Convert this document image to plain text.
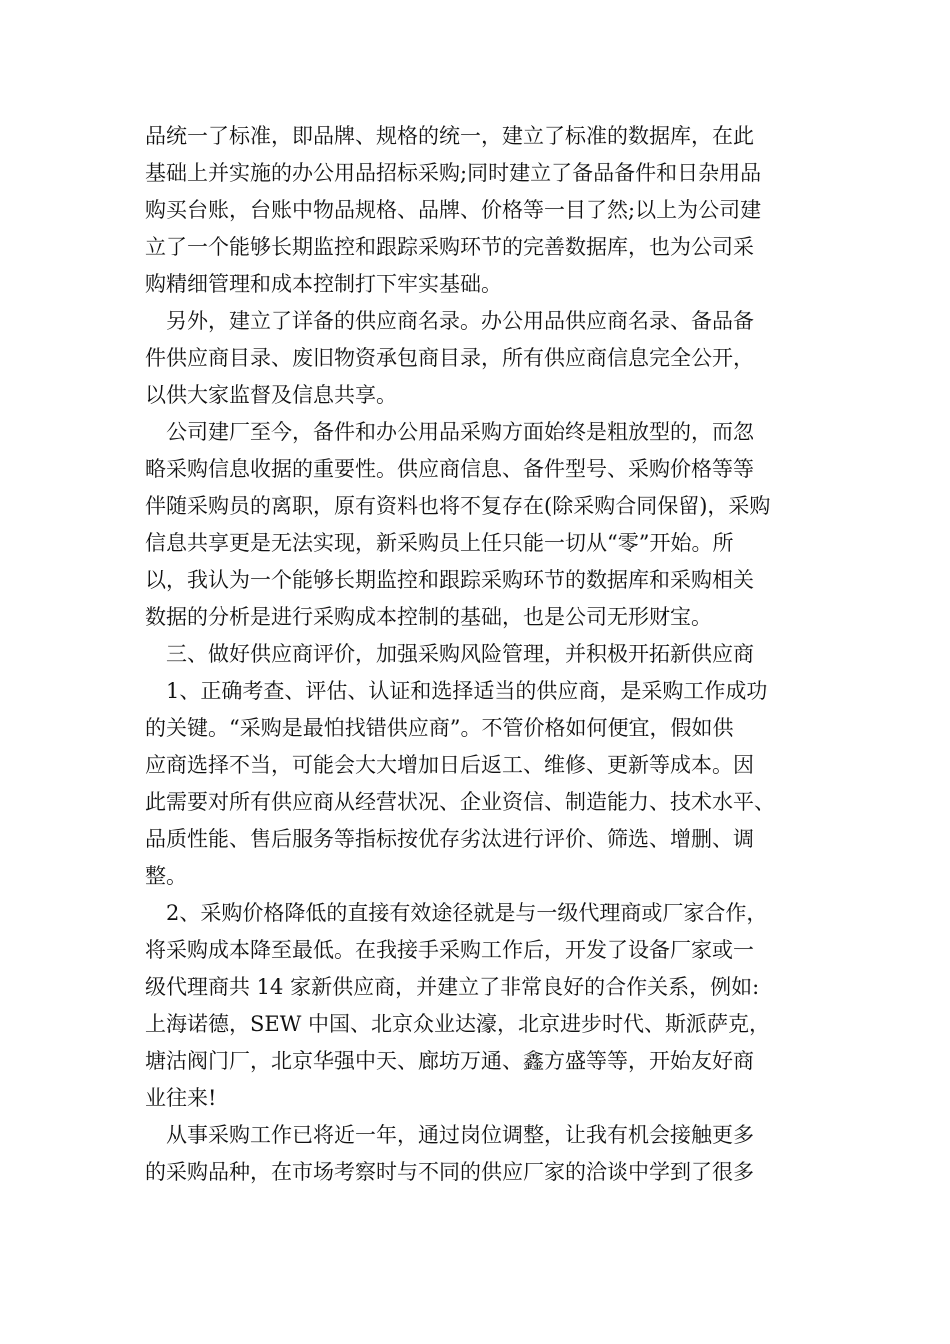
品统一了标准，即品牌、规格的统一，建立了标准的数据库，在此
基础上并实施的办公用品招标采购;同时建立了备品备件和日杂用品
购买台账，台账中物品规格、品牌、价格等一目了然;以上为公司建
立了一个能够长期监控和跟踪采购环节的完善数据库，也为公司采
购精细管理和成本控制打下牢实基础。
另外，建立了详备的供应商名录。办公用品供应商名录、备品备
件供应商目录、废旧物资承包商目录，所有供应商信息完全公开，
以供大家监督及信息共享。
公司建厂至今，备件和办公用品采购方面始终是粗放型的，而忽
略采购信息收据的重要性。供应商信息、备件型号、采购价格等等
伴随采购员的离职，原有资料也将不复存在(除采购合同保留)，采购
信息共享更是无法实现，新采购员上任只能一切从“零”开始。所
以，我认为一个能够长期监控和跟踪采购环节的数据库和采购相关
数据的分析是进行采购成本控制的基础，也是公司无形财宝。
三、做好供应商评价，加强采购风险管理，并积极开拓新供应商
1、正确考查、评估、认证和选择适当的供应商，是采购工作成功
的关键。“采购是最怕找错供应商”。不管价格如何便宜，假如供
应商选择不当，可能会大大增加日后返工、维修、更新等成本。因
此需要对所有供应商从经营状况、企业资信、制造能力、技术水平、
品质性能、售后服务等指标按优存劣汰进行评价、筛选、增删、调
整。
2、采购价格降低的直接有效途径就是与一级代理商或厂家合作，
将采购成本降至最低。在我接手采购工作后，开发了设备厂家或一
级代理商共 14 家新供应商，并建立了非常良好的合作关系，例如:
上海诺德，SEW 中国、北京众业达濠，北京进步时代、斯派萨克，
塘沽阀门厂，北京华强中天、廊坊万通、鑫方盛等等，开始友好商
业往来!
从事采购工作已将近一年，通过岗位调整，让我有机会接触更多
的采购品种，在市场考察时与不同的供应厂家的洽谈中学到了很多
